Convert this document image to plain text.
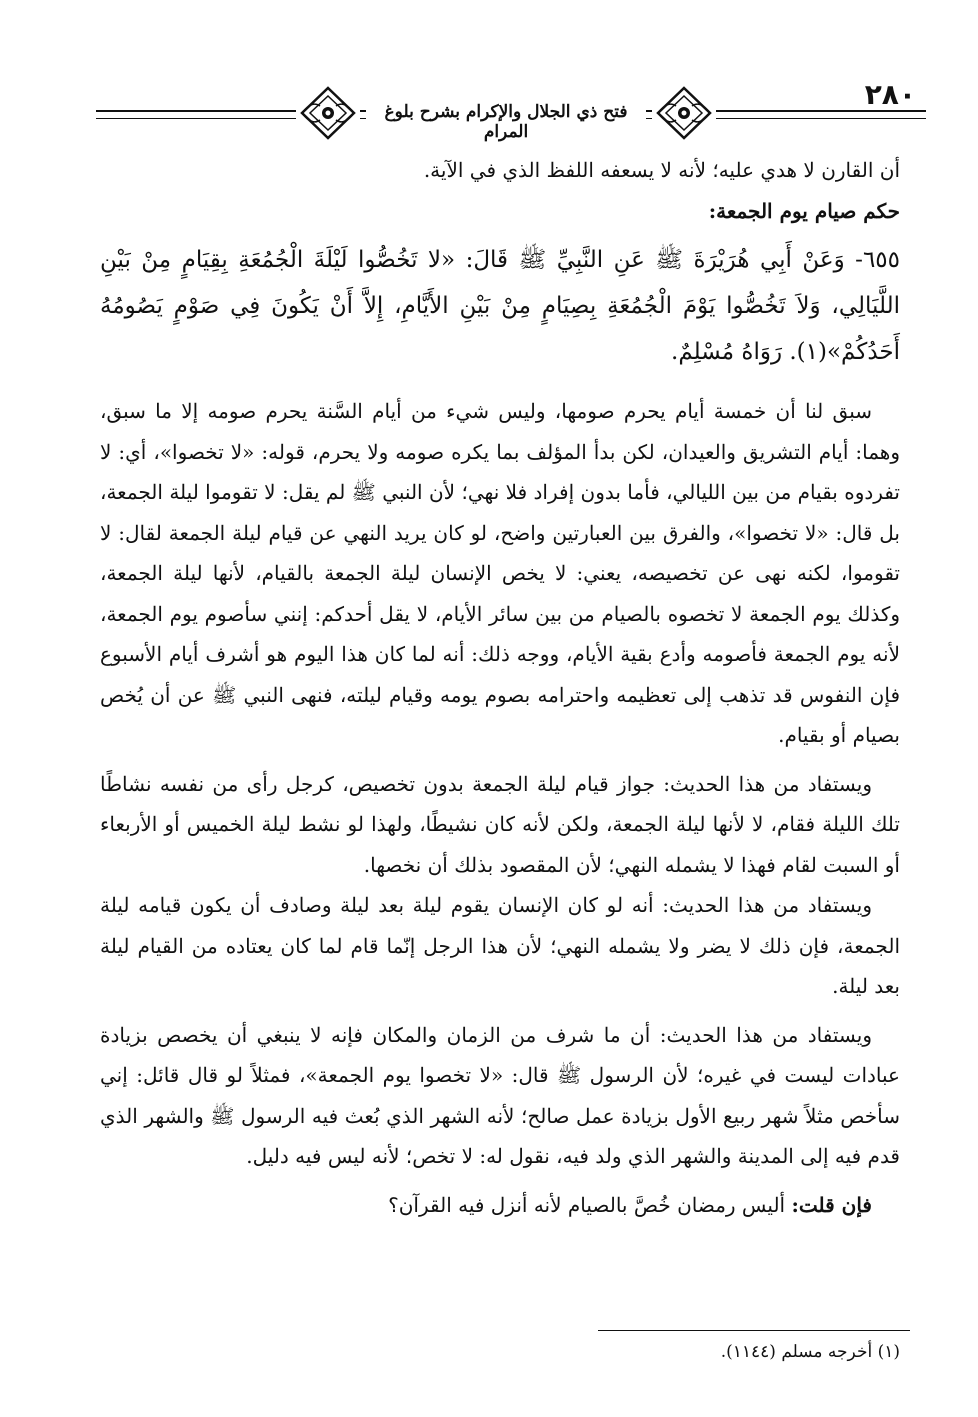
٢٨٠
فتح ذي الجلال والإكرام بشرح بلوغ المرام

أن القارن لا هدي عليه؛ لأنه لا يسعفه اللفظ الذي في الآية.

حكم صيام يوم الجمعة:

٦٥٥- وَعَنْ أَبِي هُرَيْرَةَ ﷺ عَنِ النَّبِيِّ ﷺ قَالَ: «لا تَخُصُّوا لَيْلَةَ الْجُمُعَةِ بِقِيَامٍ مِنْ بَيْنِ اللَّيَالِي، وَلاَ تَخُصُّوا يَوْمَ الْجُمُعَةِ بِصِيَامٍ مِنْ بَيْنِ الأَيَّامِ، إِلاَّ أَنْ يَكُونَ فِي صَوْمٍ يَصُومُهُ أَحَدُكُمْ»(١). رَوَاهُ مُسْلِمٌ.

سبق لنا أن خمسة أيام يحرم صومها، وليس شيء من أيام السَّنة يحرم صومه إلا ما سبق، وهما: أيام التشريق والعيدان، لكن بدأ المؤلف بما يكره صومه ولا يحرم، قوله: «لا تخصوا»، أي: لا تفردوه بقيام من بين الليالي، فأما بدون إفراد فلا نهي؛ لأن النبي ﷺ لم يقل: لا تقوموا ليلة الجمعة، بل قال: «لا تخصوا»، والفرق بين العبارتين واضح، لو كان يريد النهي عن قيام ليلة الجمعة لقال: لا تقوموا، لكنه نهى عن تخصيصه، يعني: لا يخص الإنسان ليلة الجمعة بالقيام، لأنها ليلة الجمعة، وكذلك يوم الجمعة لا تخصوه بالصيام من بين سائر الأيام، لا يقل أحدكم: إنني سأصوم يوم الجمعة، لأنه يوم الجمعة فأصومه وأدع بقية الأيام، ووجه ذلك: أنه لما كان هذا اليوم هو أشرف أيام الأسبوع فإن النفوس قد تذهب إلى تعظيمه واحترامه بصوم يومه وقيام ليلته، فنهى النبي ﷺ عن أن يُخص بصيام أو بقيام.

ويستفاد من هذا الحديث: جواز قيام ليلة الجمعة بدون تخصيص، كرجل رأى من نفسه نشاطًا تلك الليلة فقام، لا لأنها ليلة الجمعة، ولكن لأنه كان نشيطًا، ولهذا لو نشط ليلة الخميس أو الأربعاء أو السبت لقام فهذا لا يشمله النهي؛ لأن المقصود بذلك أن نخصها.

ويستفاد من هذا الحديث: أنه لو كان الإنسان يقوم ليلة بعد ليلة وصادف أن يكون قيامه ليلة الجمعة، فإن ذلك لا يضر ولا يشمله النهي؛ لأن هذا الرجل إنّما قام لما كان يعتاده من القيام ليلة بعد ليلة.

ويستفاد من هذا الحديث: أن ما شرف من الزمان والمكان فإنه لا ينبغي أن يخصص بزيادة عبادات ليست في غيره؛ لأن الرسول ﷺ قال: «لا تخصوا يوم الجمعة»، فمثلاً لو قال قائل: إني سأخص مثلاً شهر ربيع الأول بزيادة عمل صالح؛ لأنه الشهر الذي بُعث فيه الرسول ﷺ والشهر الذي قدم فيه إلى المدينة والشهر الذي ولد فيه، نقول له: لا تخص؛ لأنه ليس فيه دليل.

فإن قلت: أليس رمضان خُصَّ بالصيام لأنه أنزل فيه القرآن؟

(١) أخرجه مسلم (١١٤٤).
